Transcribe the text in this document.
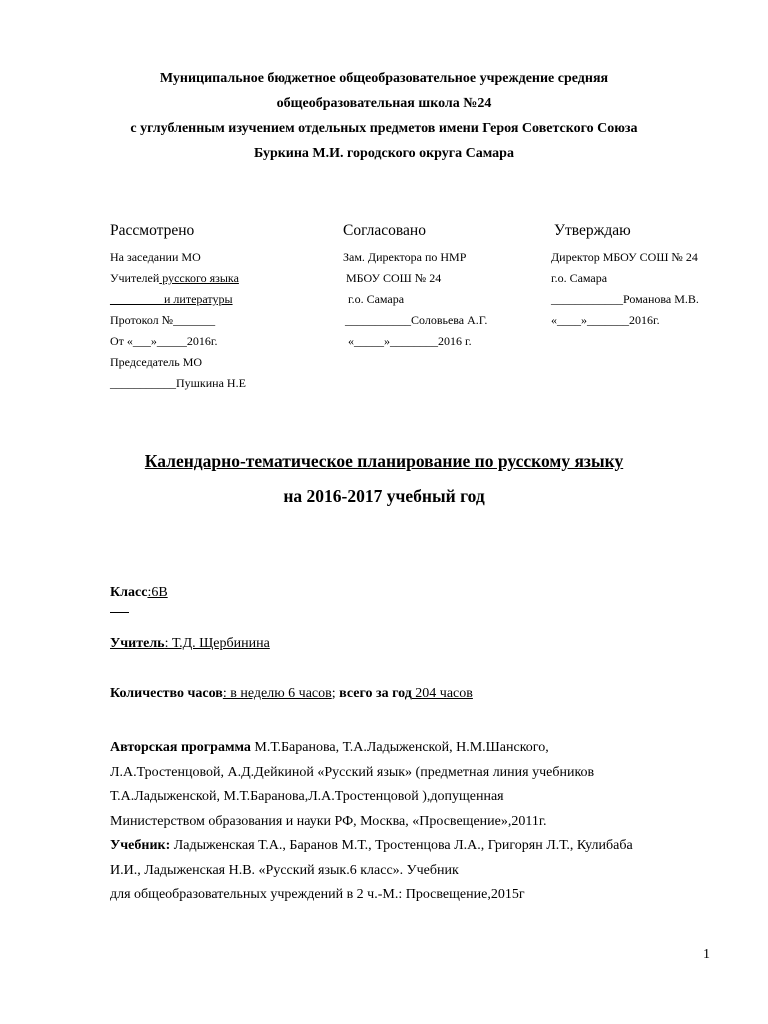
Муниципальное бюджетное общеобразовательное учреждение средняя
общеобразовательная школа №24
с углубленным изучением отдельных предметов имени Героя Советского Союза
Буркина М.И. городского округа Самара
Рассмотрено
На заседании МО
Учителей русского языка
_________и литературы
Протокол №_______
От «___»_____2016г.
Председатель МО
___________Пушкина Н.Е
Согласовано
Зам. Директора по НМР
МБОУ СОШ № 24
г.о. Самара
___________Соловьева А.Г.
«_____»________2016 г.
Утверждаю
Директор МБОУ СОШ № 24
г.о. Самара
____________Романова М.В.
«____»_______2016г.
Календарно-тематическое планирование по русскому языку
на 2016-2017 учебный год
Класс:6В
Учитель: Т.Д. Щербинина
Количество часов: в неделю 6 часов; всего за год 204 часов
Авторская программа М.Т.Баранова, Т.А.Ладыженской, Н.М.Шанского,
Л.А.Тростенцовой, А.Д.Дейкиной «Русский язык» (предметная линия учебников
Т.А.Ладыженской, М.Т.Баранова,Л.А.Тростенцовой ),допущенная
Министерством образования и науки РФ, Москва, «Просвещение»,2011г.
Учебник: Ладыженская Т.А., Баранов М.Т., Тростенцова Л.А., Григорян Л.Т., Кулибаба
И.И., Ладыженская Н.В. «Русский язык.6 класс». Учебник
для общеобразовательных учреждений в 2 ч.-М.: Просвещение,2015г
1
